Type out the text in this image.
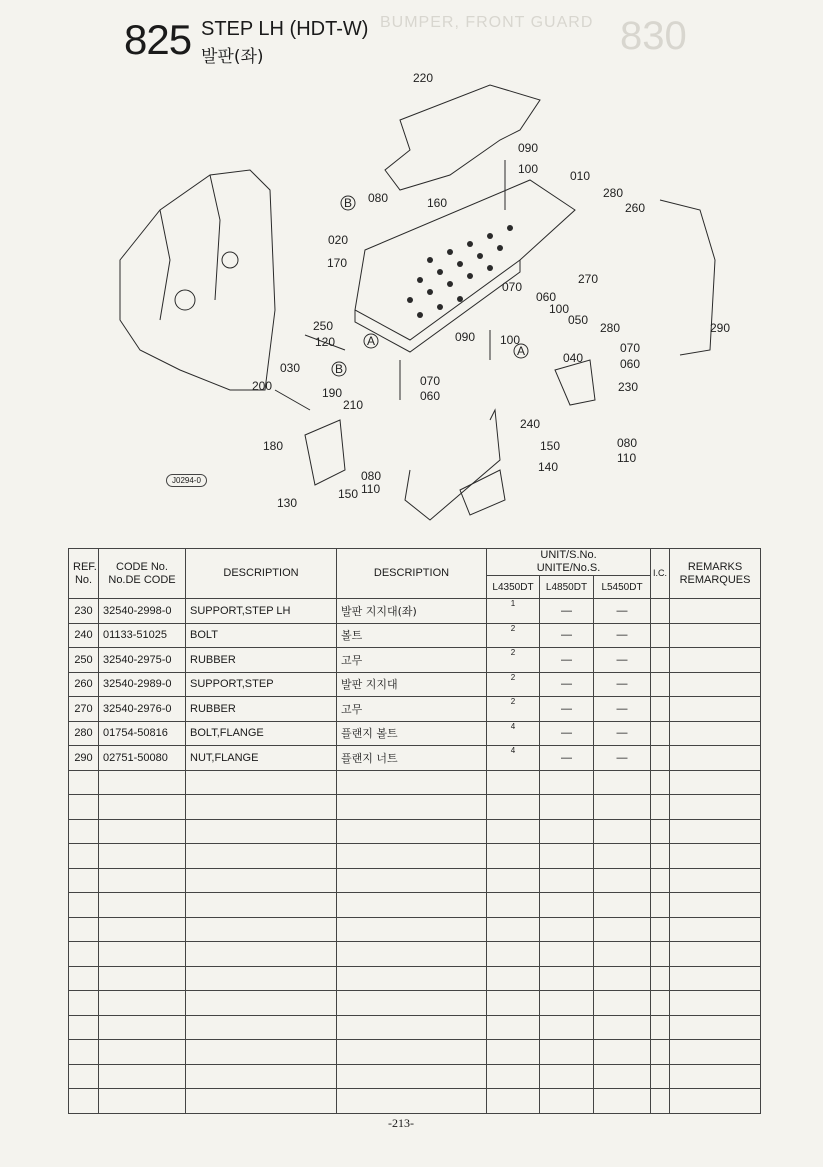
825 STEP LH (HDT-W)
발판(좌)
BUMPER, FRONT GUARD 830
220
090
100	010
280
260
080	160
020
170
270
070
060
100
050
280	290
250
120	090 100
040	060
070
230
030
200	190
210
070
060
240
150	080
110
180
080
110
150
140
130
B
A
A
B
J0294-0
REF.
No.	CODE No.
No.DE CODE	DESCRIPTION	DESCRIPTION	UNIT/S.No.
UNITE/No.S.			I.C.	REMARKS
REMARQUES
				L4350DT	L4850DT	L5450DT		
230	32540-2998-0	SUPPORT,STEP LH	발판 지지대(좌)	1	—	—		
240	01133-51025	BOLT	볼트	2	—	—		
250	32540-2975-0	RUBBER	고무	2	—	—		
260	32540-2989-0	SUPPORT,STEP	발판 지지대	2	—	—		
270	32540-2976-0	RUBBER	고무	2	—	—		
280	01754-50816	BOLT,FLANGE	플랜지 볼트	4	—	—		
290	02751-50080	NUT,FLANGE	플랜지 너트	4	—	—		

-213-
